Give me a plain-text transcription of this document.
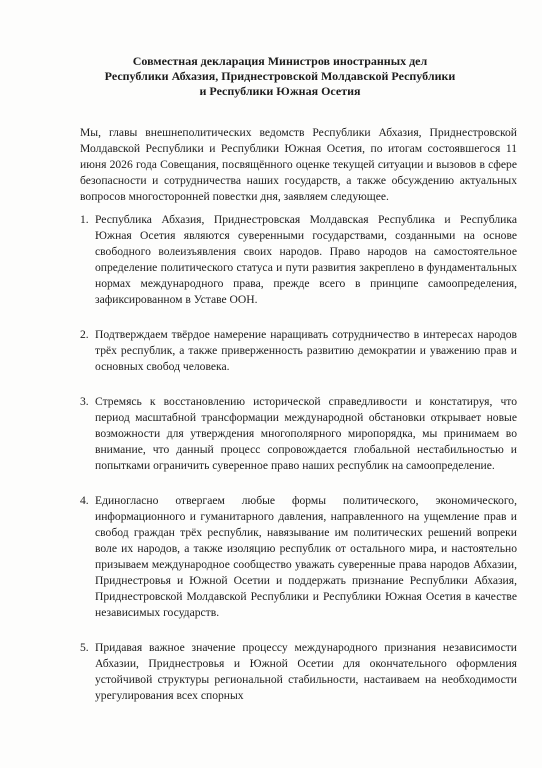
Совместная декларация Министров иностранных дел
Республики Абхазия, Приднестровской Молдавской Республики
и Республики Южная Осетия

Мы, главы внешнеполитических ведомств Республики Абхазия, Приднестровской Молдавской Республики и Республики Южная Осетия, по итогам состоявшегося 11 июня 2026 года Совещания, посвящённого оценке текущей ситуации и вызовов в сфере безопасности и сотрудничества наших государств, а также обсуждению актуальных вопросов многосторонней повестки дня, заявляем следующее.

1. Республика Абхазия, Приднестровская Молдавская Республика и Республика Южная Осетия являются суверенными государствами, созданными на основе свободного волеизъявления своих народов. Право народов на самостоятельное определение политического статуса и пути развития закреплено в фундаментальных нормах международного права, прежде всего в принципе самоопределения, зафиксированном в Уставе ООН.
2. Подтверждаем твёрдое намерение наращивать сотрудничество в интересах народов трёх республик, а также приверженность развитию демократии и уважению прав и основных свобод человека.
3. Стремясь к восстановлению исторической справедливости и констатируя, что период масштабной трансформации международной обстановки открывает новые возможности для утверждения многополярного миропорядка, мы принимаем во внимание, что данный процесс сопровождается глобальной нестабильностью и попытками ограничить суверенное право наших республик на самоопределение.
4. Единогласно отвергаем любые формы политического, экономического, информационного и гуманитарного давления, направленного на ущемление прав и свобод граждан трёх республик, навязывание им политических решений вопреки воле их народов, а также изоляцию республик от остального мира, и настоятельно призываем международное сообщество уважать суверенные права народов Абхазии, Приднестровья и Южной Осетии и поддержать признание Республики Абхазия, Приднестровской Молдавской Республики и Республики Южная Осетия в качестве независимых государств.
5. Придавая важное значение процессу международного признания независимости Абхазии, Приднестровья и Южной Осетии для окончательного оформления устойчивой структуры региональной стабильности, настаиваем на необходимости урегулирования всех спорных
